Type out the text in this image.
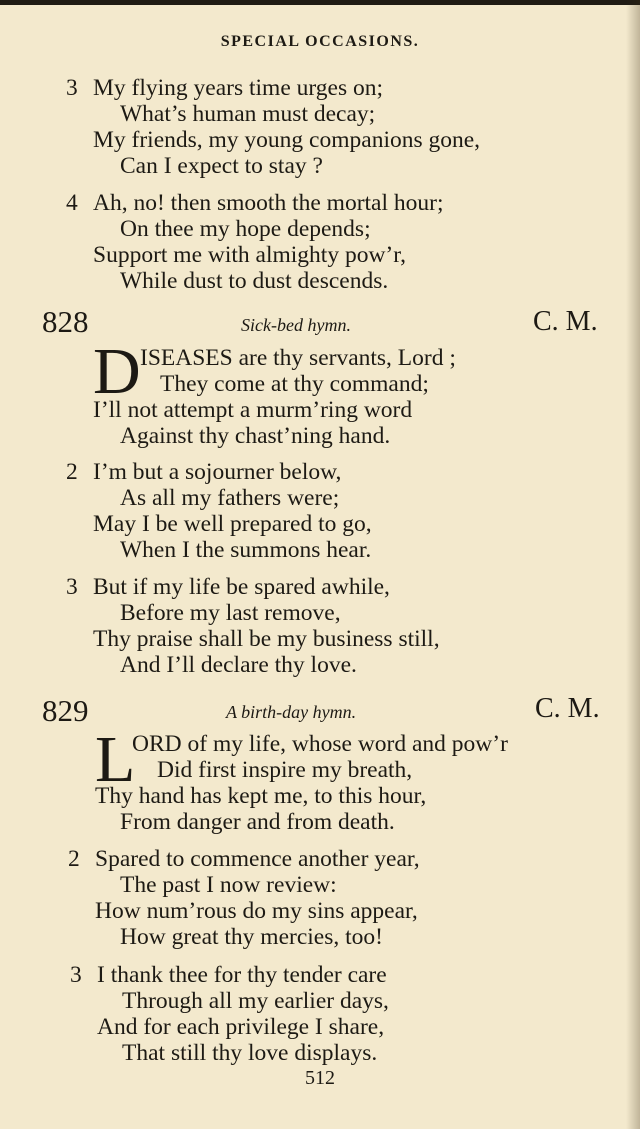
SPECIAL OCCASIONS.
3 My flying years time urges on;
What’s human must decay;
My friends, my young companions gone,
Can I expect to stay ?
4 Ah, no! then smooth the mortal hour;
On thee my hope depends;
Support me with almighty pow’r,
While dust to dust descends.
828	Sick-bed hymn.	C. M.
D ISEASES are thy servants, Lord ;
They come at thy command;
I’ll not attempt a murm’ring word
Against thy chast’ning hand.
2 I’m but a sojourner below,
As all my fathers were;
May I be well prepared to go,
When I the summons hear.
3 But if my life be spared awhile,
Before my last remove,
Thy praise shall be my business still,
And I’ll declare thy love.
829	A birth-day hymn.	C. M.
L
ORD of my life, whose word and pow’r
Did first inspire my breath,
Thy hand has kept me, to this hour,
From danger and from death.
2 Spared to commence another year,
The past I now review:
How num’rous do my sins appear,
How great thy mercies, too!
3 I thank thee for thy tender care
Through all my earlier days,
And for each privilege I share,
That still thy love displays.
512
